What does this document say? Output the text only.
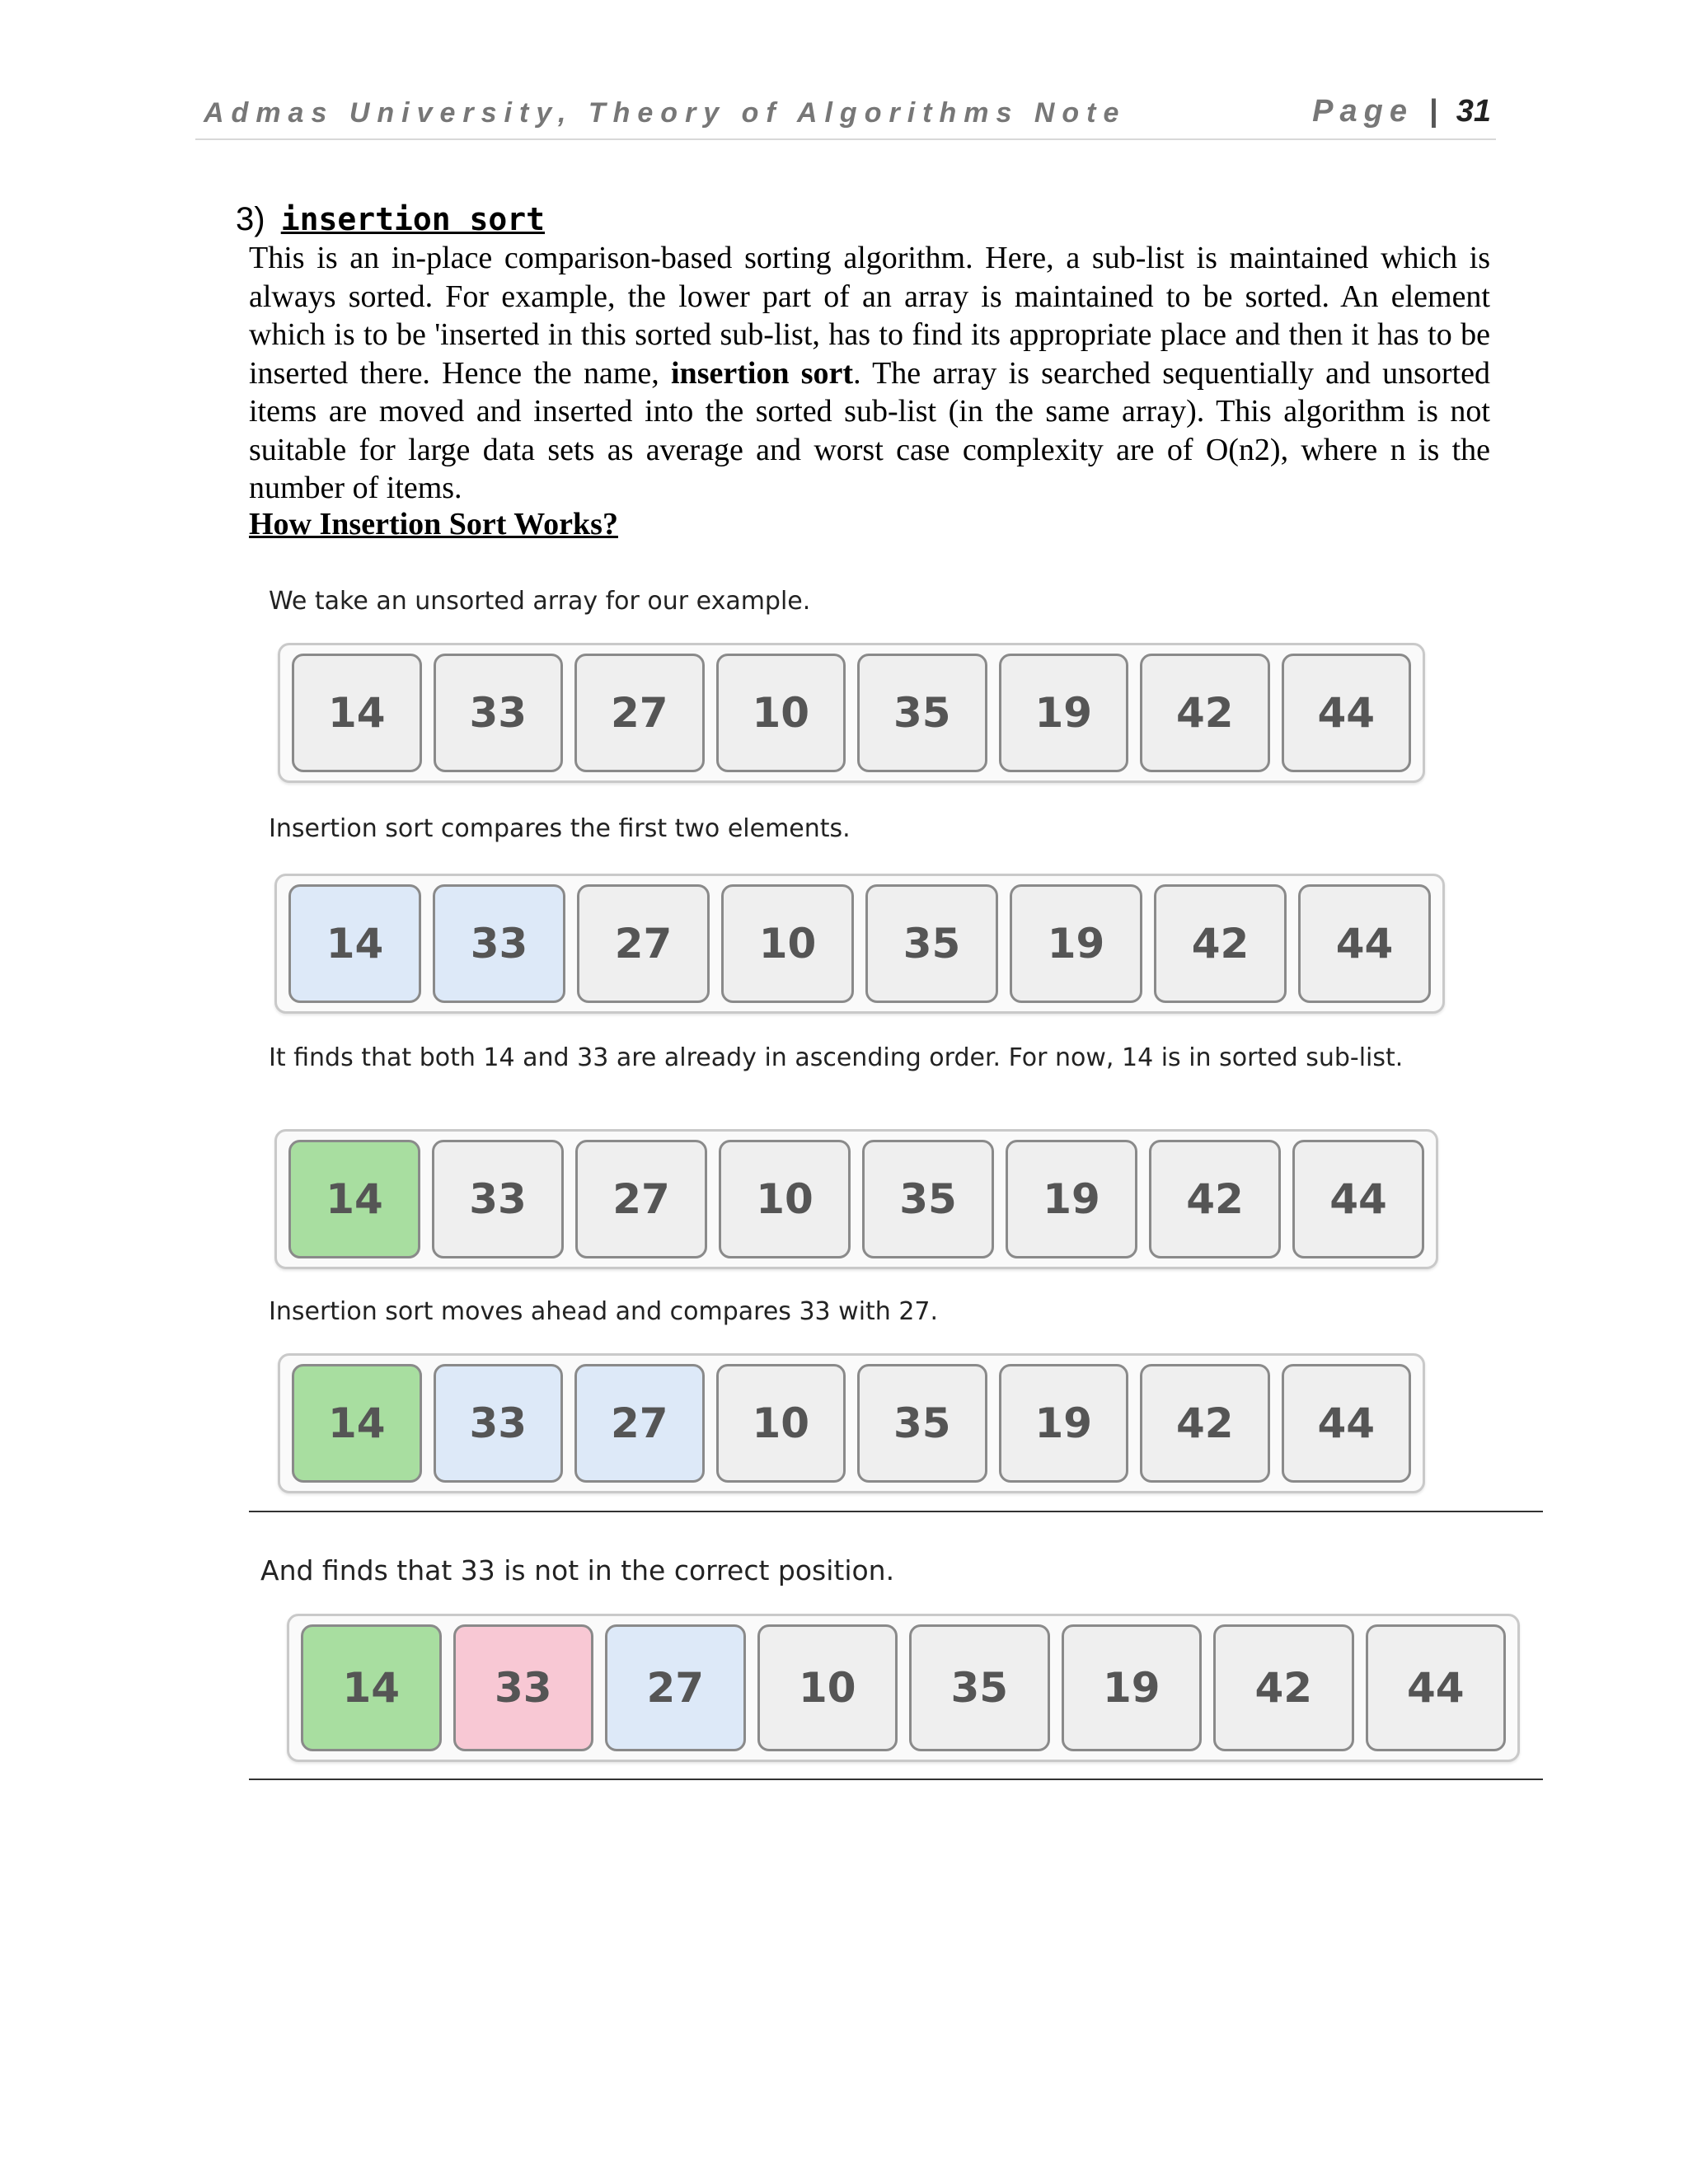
Admas University, Theory of Algorithms Note	Page | 31
3) insertion sort
This is an in-place comparison-based sorting algorithm. Here, a sub-list is maintained which is always sorted. For example, the lower part of an array is maintained to be sorted. An element which is to be 'inserted in this sorted sub-list, has to find its appropriate place and then it has to be inserted there. Hence the name, insertion sort. The array is searched sequentially and unsorted items are moved and inserted into the sorted sub-list (in the same array). This algorithm is not suitable for large data sets as average and worst case complexity are of O(n2), where n is the number of items.
How Insertion Sort Works?
We take an unsorted array for our example.
14	33	27	10	35	19	42	44
Insertion sort compares the first two elements.
14	33	27	10	35	19	42	44
It finds that both 14 and 33 are already in ascending order. For now, 14 is in sorted sub-list.
14	33	27	10	35	19	42	44
Insertion sort moves ahead and compares 33 with 27.
14	33	27	10	35	19	42	44
And finds that 33 is not in the correct position.
14	33	27	10	35	19	42	44
